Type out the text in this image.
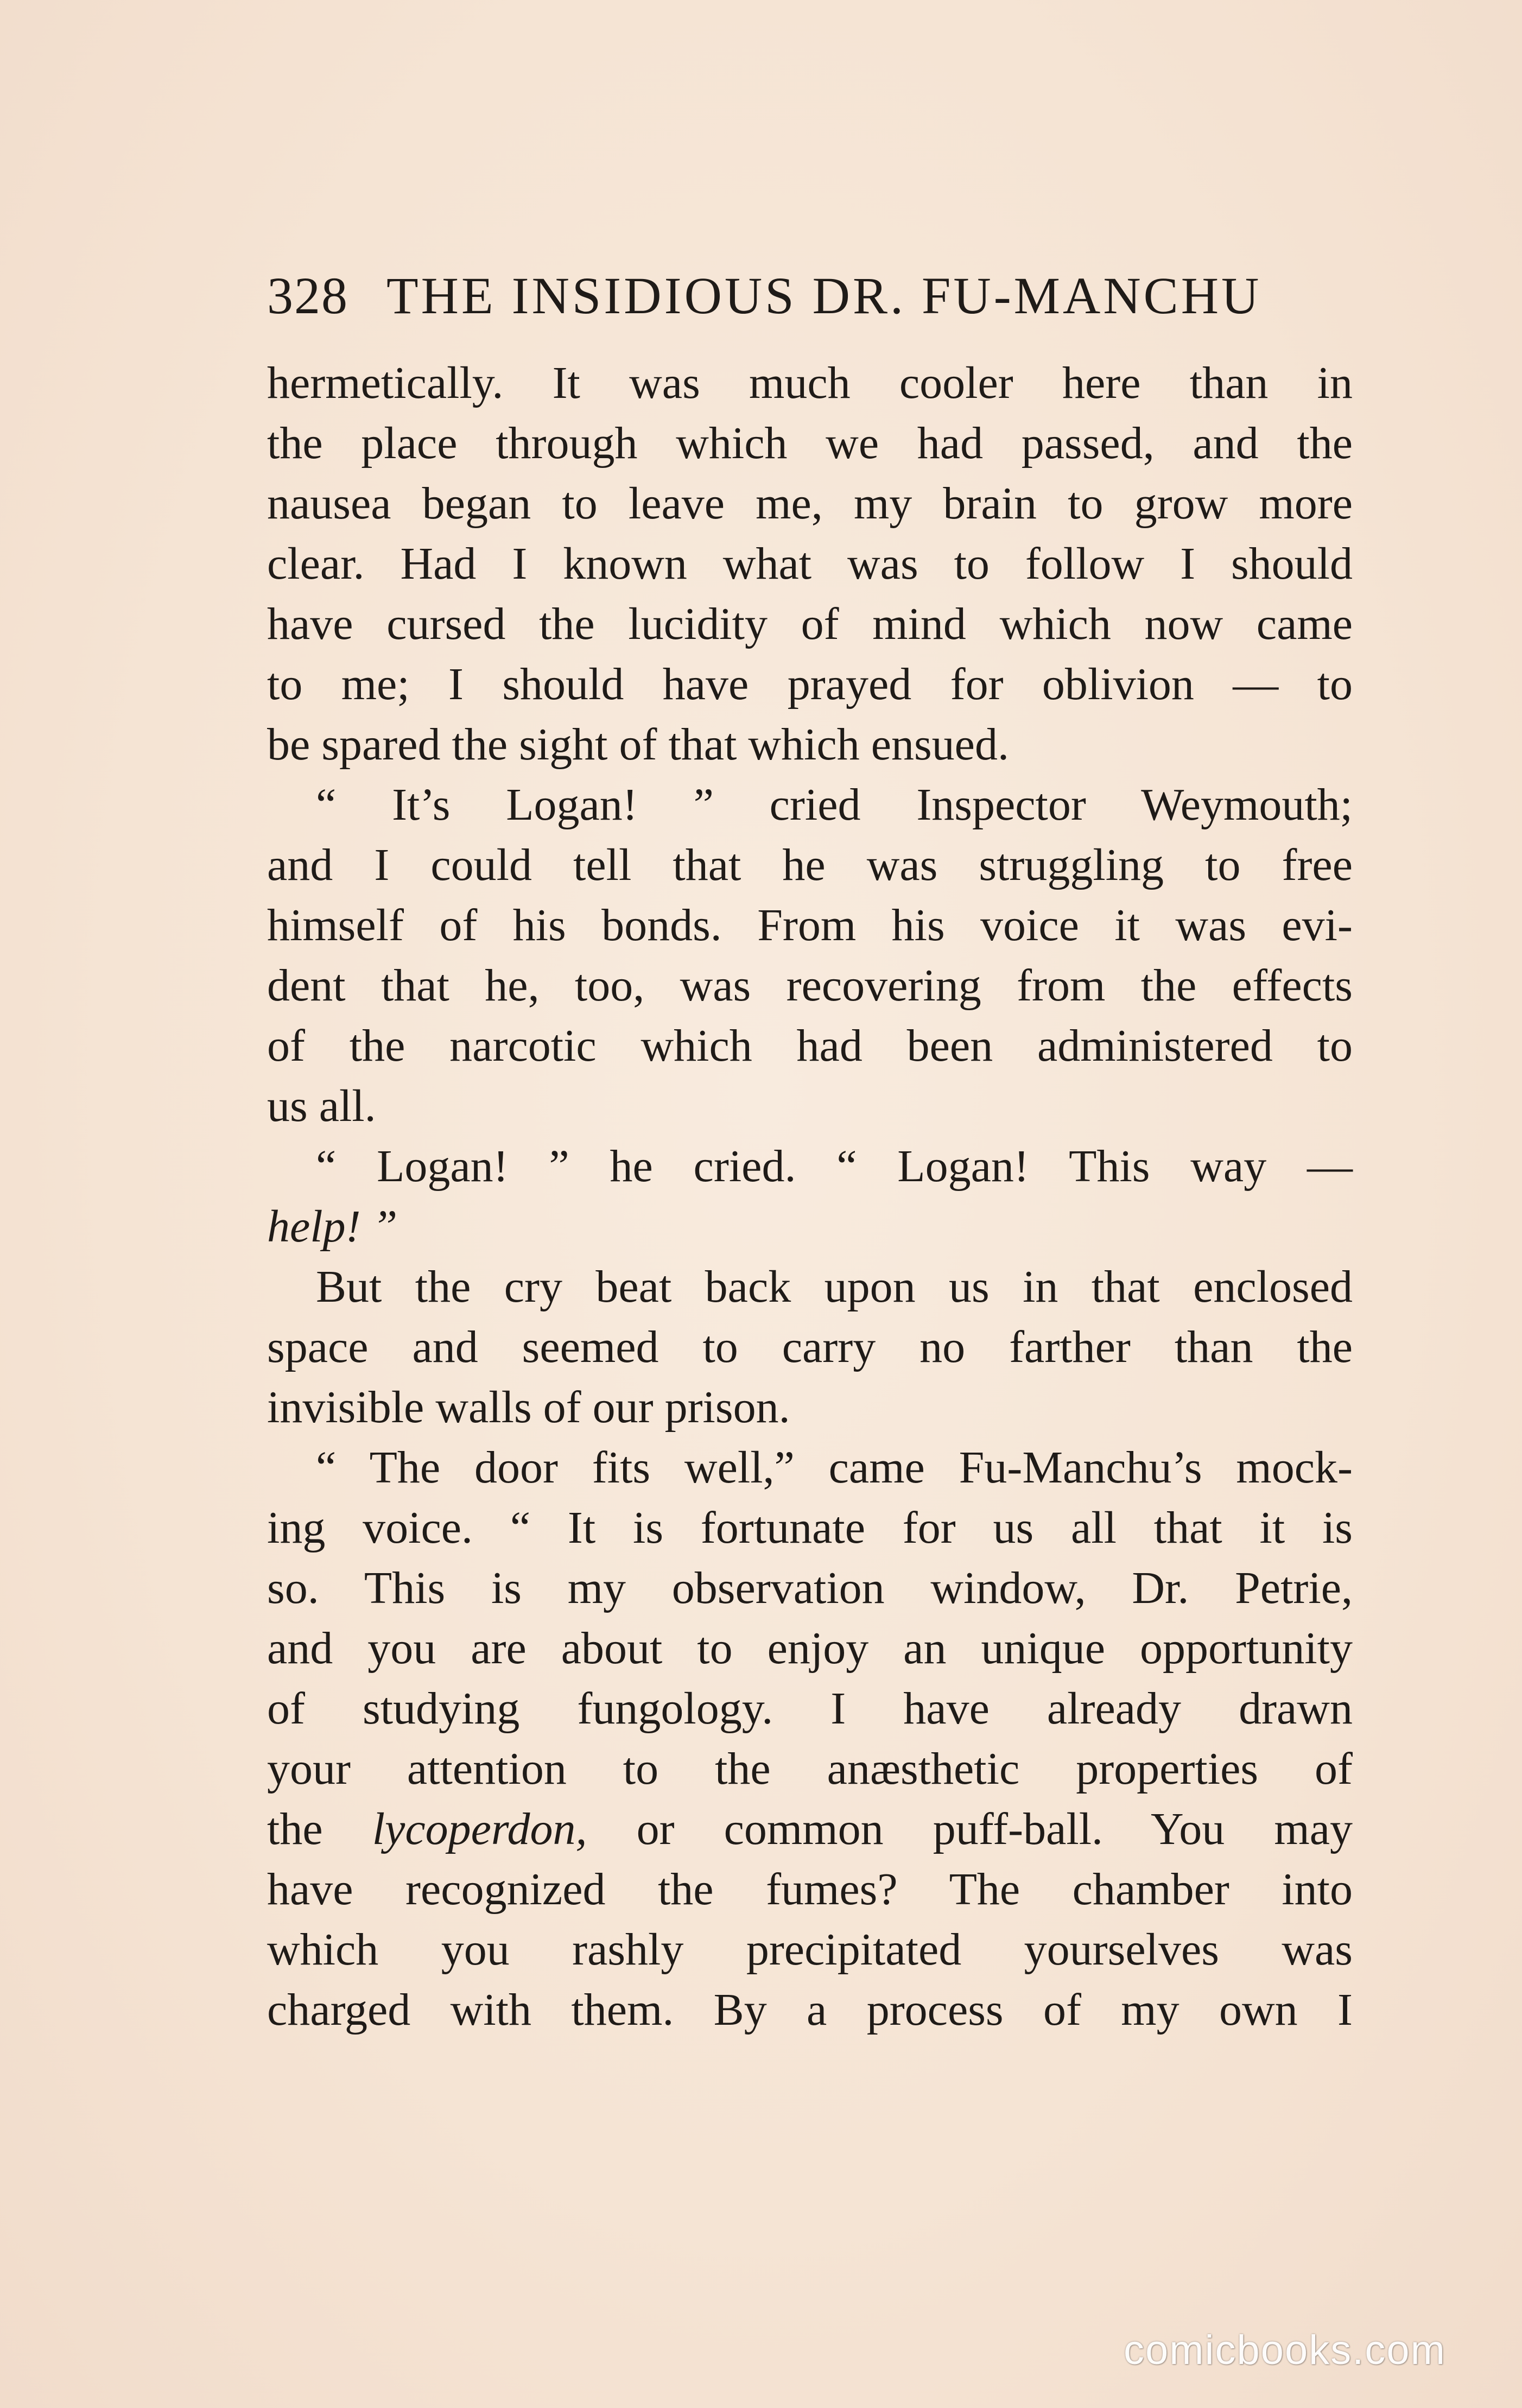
328 THE INSIDIOUS DR. FU-MANCHU
hermetically. It was much cooler here than in
the place through which we had passed, and the
nausea began to leave me, my brain to grow more
clear. Had I known what was to follow I should
have cursed the lucidity of mind which now came
to me; I should have prayed for oblivion — to
be spared the sight of that which ensued.
“ It’s Logan! ” cried Inspector Weymouth;
and I could tell that he was struggling to free
himself of his bonds. From his voice it was evi-
dent that he, too, was recovering from the effects
of the narcotic which had been administered to
us all.
“ Logan! ” he cried. “ Logan! This way —
help! ”
But the cry beat back upon us in that enclosed
space and seemed to carry no farther than the
invisible walls of our prison.
“ The door fits well,” came Fu-Manchu’s mock-
ing voice. “ It is fortunate for us all that it is
so. This is my observation window, Dr. Petrie,
and you are about to enjoy an unique opportunity
of studying fungology. I have already drawn
your attention to the anæsthetic properties of
the lycoperdon, or common puff-ball. You may
have recognized the fumes? The chamber into
which you rashly precipitated yourselves was
charged with them. By a process of my own I
comicbooks.com
